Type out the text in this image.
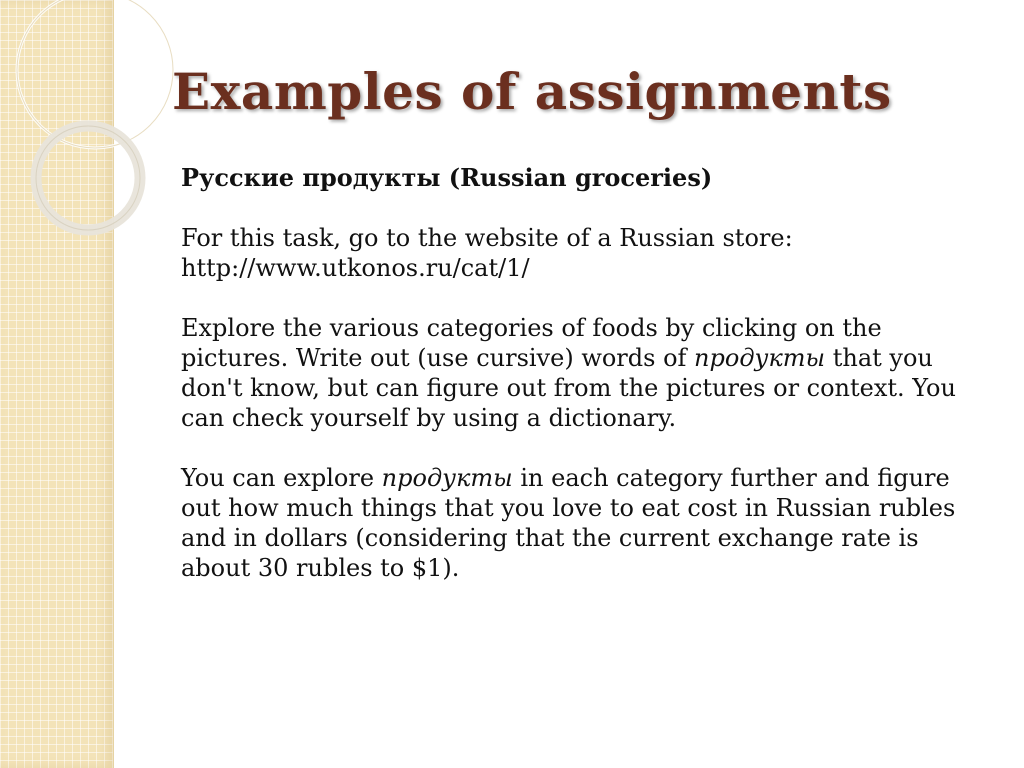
Examples of assignments

Русские продукты (Russian groceries)

For this task, go to the website of a Russian store:
http://www.utkonos.ru/cat/1/

Explore the various categories of foods by clicking on the pictures. Write out (use cursive) words of продукты that you don't know, but can figure out from the pictures or context. You can check yourself by using a dictionary.

You can explore продукты in each category further and figure out how much things that you love to eat cost in Russian rubles and in dollars (considering that the current exchange rate is about 30 rubles to $1).
